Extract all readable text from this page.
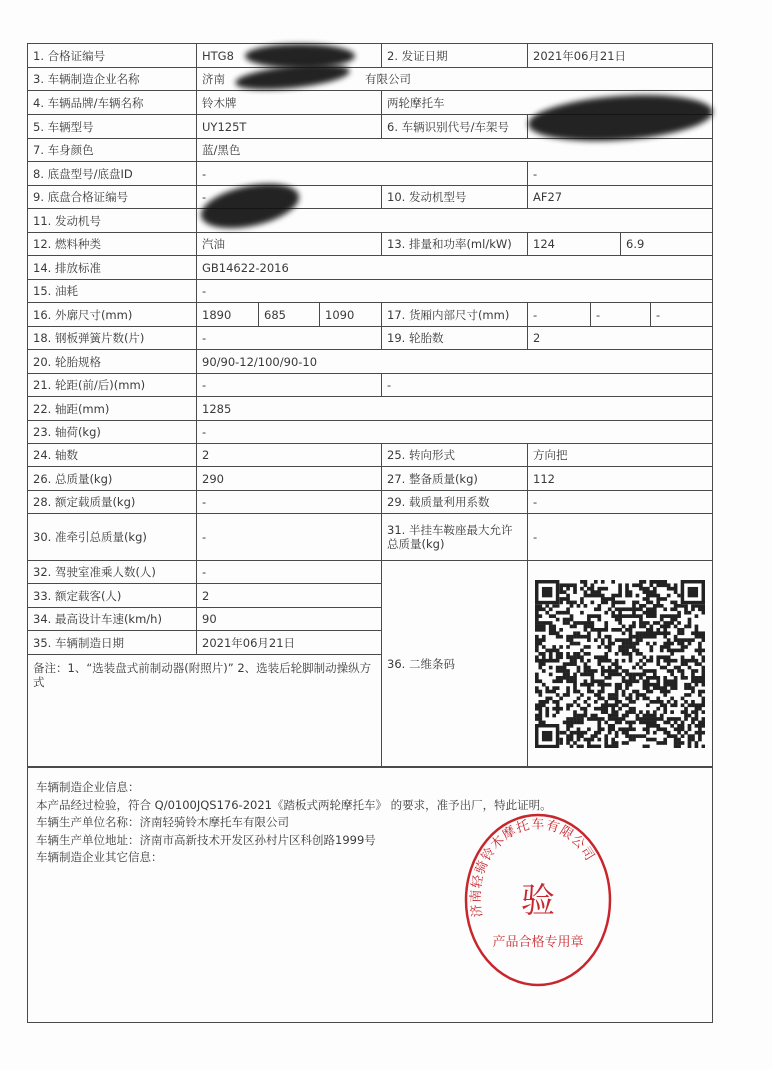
1. 合格证编号	HTG8	2. 发证日期	2021年06月21日
3. 车辆制造企业名称	济南	有限公司
4. 车辆品牌/车辆名称	铃木牌	两轮摩托车
5. 车辆型号	UY125T	6. 车辆识别代号/车架号
7. 车身颜色	蓝/黑色
8. 底盘型号/底盘ID	-	-
9. 底盘合格证编号	-	10. 发动机型号	AF27
11. 发动机号
12. 燃料种类	汽油	13. 排量和功率(ml/kW)	124	6.9
14. 排放标准	GB14622-2016
15. 油耗	-
16. 外廓尺寸(mm)	1890	685	1090	17. 货厢内部尺寸(mm)	-	-	-
18. 钢板弹簧片数(片)	-	19. 轮胎数	2
20. 轮胎规格	90/90-12/100/90-10
21. 轮距(前/后)(mm)	-	-
22. 轴距(mm)	1285
23. 轴荷(kg)	-
24. 轴数	2	25. 转向形式	方向把
26. 总质量(kg)	290	27. 整备质量(kg)	112
28. 额定载质量(kg)	-	29. 载质量利用系数	-
30. 准牵引总质量(kg)	-	31. 半挂车鞍座最大允许总质量(kg)	-
32. 驾驶室准乘人数(人)	-
33. 额定载客(人)	2
34. 最高设计车速(km/h)	90
35. 车辆制造日期	2021年06月21日
备注：1、“选装盘式前制动器(附照片)” 2、选装后轮脚制动操纵方式
36. 二维条码
车辆制造企业信息：
本产品经过检验，符合 Q/0100JQS176-2021《踏板式两轮摩托车》 的要求，准予出厂，特此证明。
车辆生产单位名称：济南轻骑铃木摩托车有限公司
车辆生产单位地址：济南市高新技术开发区孙村片区科创路1999号
车辆制造企业其它信息：
济南轻骑铃木摩托车有限公司
验
产品合格专用章
